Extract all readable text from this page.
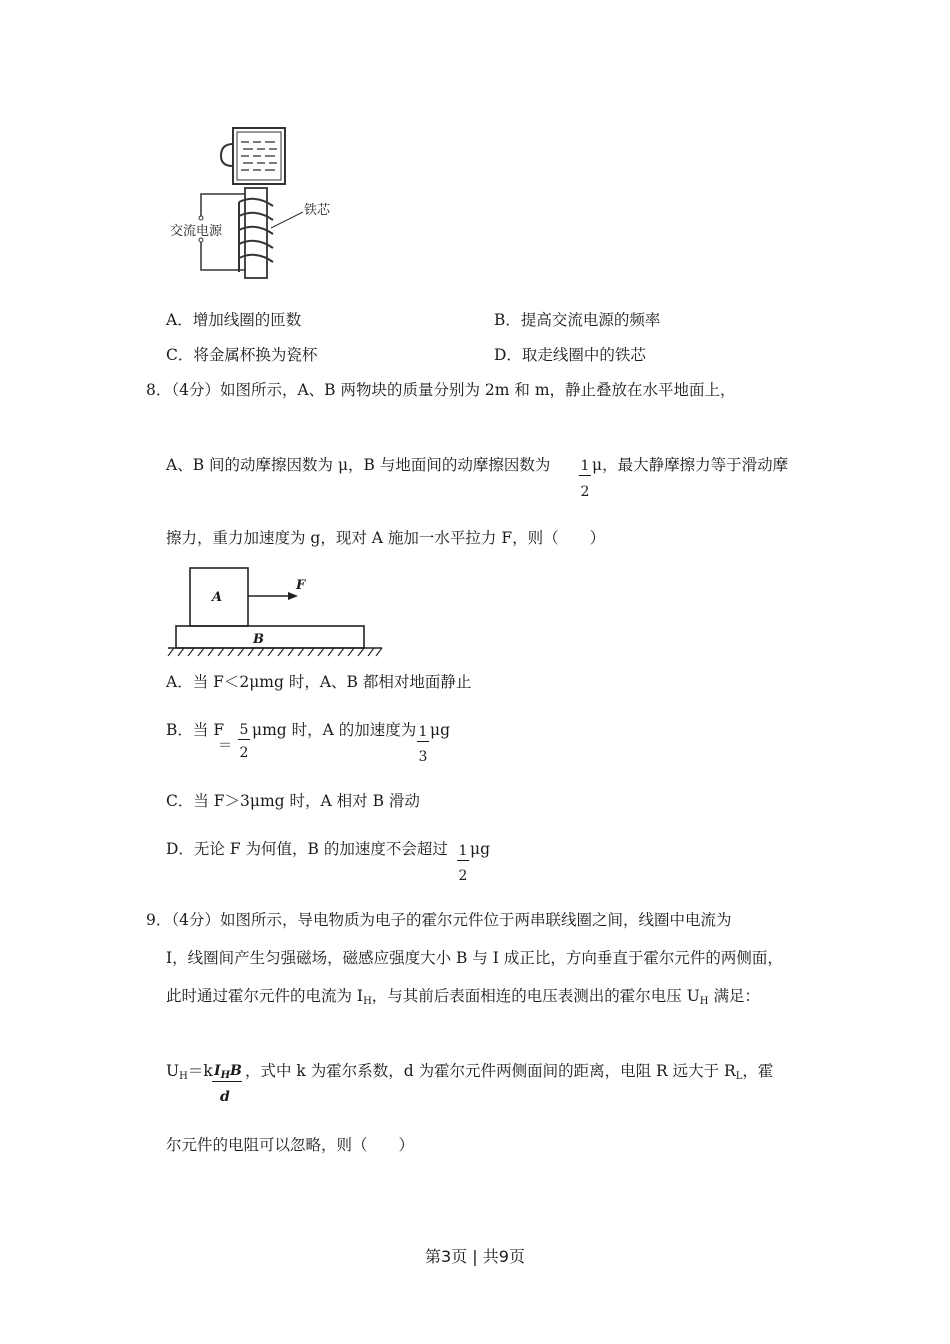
交流电源
铁芯
A．增加线圈的匝数	B．提高交流电源的频率
C．将金属杯换为瓷杯	D．取走线圈中的铁芯
8．（4分）如图所示，A、B 两物块的质量分别为 2m 和 m，静止叠放在水平地面上，
A、B 间的动摩擦因数为 μ，B 与地面间的动摩擦因数为 1
2
μ，最大静摩擦力等于滑动摩
擦力，重力加速度为 g，现对 A 施加一水平拉力 F，则（　　）
A
B
F
A．当 F＜2μmg 时，A、B 都相对地面静止
B．当 F
＝
5
2
μmg 时，A 的加速度为 1
3
μg
C．当 F＞3μmg 时，A 相对 B 滑动
D．无论 F 为何值，B 的加速度不会超过 1
2
μg
9．（4分）如图所示，导电物质为电子的霍尔元件位于两串联线圈之间，线圈中电流为
I，线圈间产生匀强磁场，磁感应强度大小 B 与 I 成正比，方向垂直于霍尔元件的两侧面，
此时通过霍尔元件的电流为 $I_H$，与其前后表面相连的电压表测出的霍尔电压 $U_H$ 满足：
$U_H=k$ $I_HB$
d
，式中 k 为霍尔系数，d 为霍尔元件两侧面间的距离，电阻 R 远大于 $R_L$，霍
尔元件的电阻可以忽略，则（　　）
第3页 | 共9页
